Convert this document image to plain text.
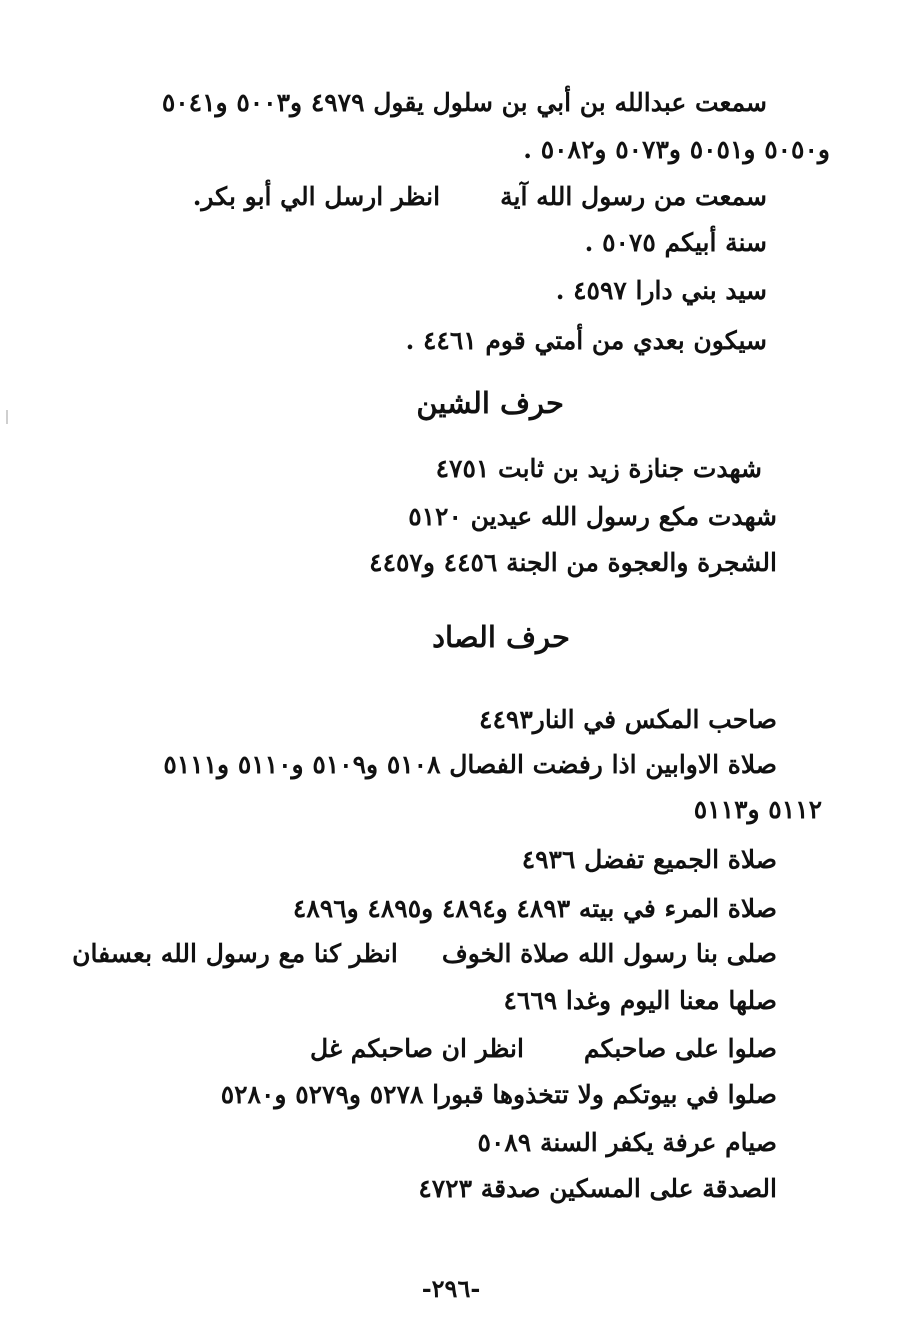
سمعت عبدالله بن أبي بن سلول يقول ٤٩٧٩ و٥٠٠٣ و٥٠٤١
و٥٠٥٠ و٥٠٥١ و٥٠٧٣ و٥٠٨٢ .
سمعت من رسول الله آيةانظر ارسل الي أبو بكر.
سنة أبيكم ٥٠٧٥ .
سيد بني دارا ٤٥٩٧ .
سيكون بعدي من أمتي قوم ٤٤٦١ .
حرف الشين
شهدت جنازة زيد بن ثابت ٤٧٥١
شهدت مكع رسول الله عيدين ٥١٢٠
الشجرة والعجوة من الجنة ٤٤٥٦ و٤٤٥٧
حرف الصاد
صاحب المكس في النار٤٤٩٣
صلاة الاوابين اذا رفضت الفصال ٥١٠٨ و٥١٠٩ و٥١١٠ و٥١١١
٥١١٢ و٥١١٣
صلاة الجميع تفضل ٤٩٣٦
صلاة المرء في بيته ٤٨٩٣ و٤٨٩٤ و٤٨٩٥ و٤٨٩٦
صلى بنا رسول الله صلاة الخوفانظر كنا مع رسول الله بعسفان
صلها معنا اليوم وغدا ٤٦٦٩
صلوا على صاحبكمانظر ان صاحبكم غل
صلوا في بيوتكم ولا تتخذوها قبورا ٥٢٧٨ و٥٢٧٩ و٥٢٨٠
صيام عرفة يكفر السنة ٥٠٨٩
الصدقة على المسكين صدقة ٤٧٢٣
-٢٩٦-
